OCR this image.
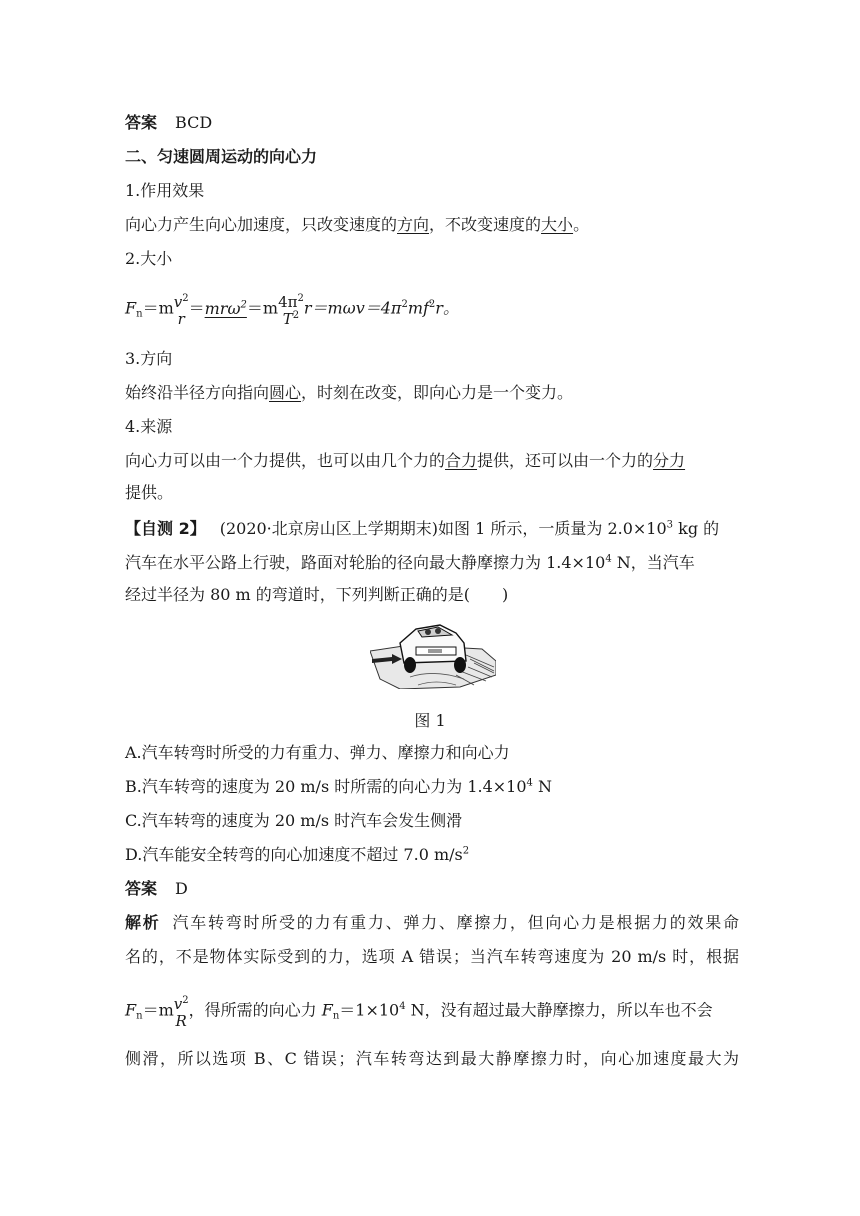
答案 BCD
二、匀速圆周运动的向心力
1.作用效果
向心力产生向心加速度，只改变速度的方向，不改变速度的大小。
2.大小
$F_n=m$ $v^2$
r
＝mrω$^2$＝m $4\pi^2$
$T^2$ $r=m\omega v=4\pi^2mf^2r$。
3.方向
始终沿半径方向指向圆心，时刻在改变，即向心力是一个变力。
4.来源
向心力可以由一个力提供，也可以由几个力的合力提供，还可以由一个力的分力
提供。
【自测 2】 (2020·北京房山区上学期期末)如图 1 所示，一质量为 $2.0\times 10^3$ kg 的
汽车在水平公路上行驶，路面对轮胎的径向最大静摩擦力为 $1.4\times 10^4$ N，当汽车
经过半径为 80 m 的弯道时，下列判断正确的是(　　)
图 1
A.汽车转弯时所受的力有重力、弹力、摩擦力和向心力
B.汽车转弯的速度为 20 m/s 时所需的向心力为 $1.4\times 10^4$ N
C.汽车转弯的速度为 20 m/s 时汽车会发生侧滑
D.汽车能安全转弯的向心加速度不超过 7.0 $m/s^2$
答案 D
解析 汽车转弯时所受的力有重力、弹力、摩擦力，但向心力是根据力的效果命
名的，不是物体实际受到的力，选项 A 错误；当汽车转弯速度为 20 m/s 时，根据
$F_n=m$ $v^2$
R
，得所需的向心力 $F_n=1\times 10^4$ N，没有超过最大静摩擦力，所以车也不会
侧滑，所以选项 B、C 错误；汽车转弯达到最大静摩擦力时，向心加速度最大为
